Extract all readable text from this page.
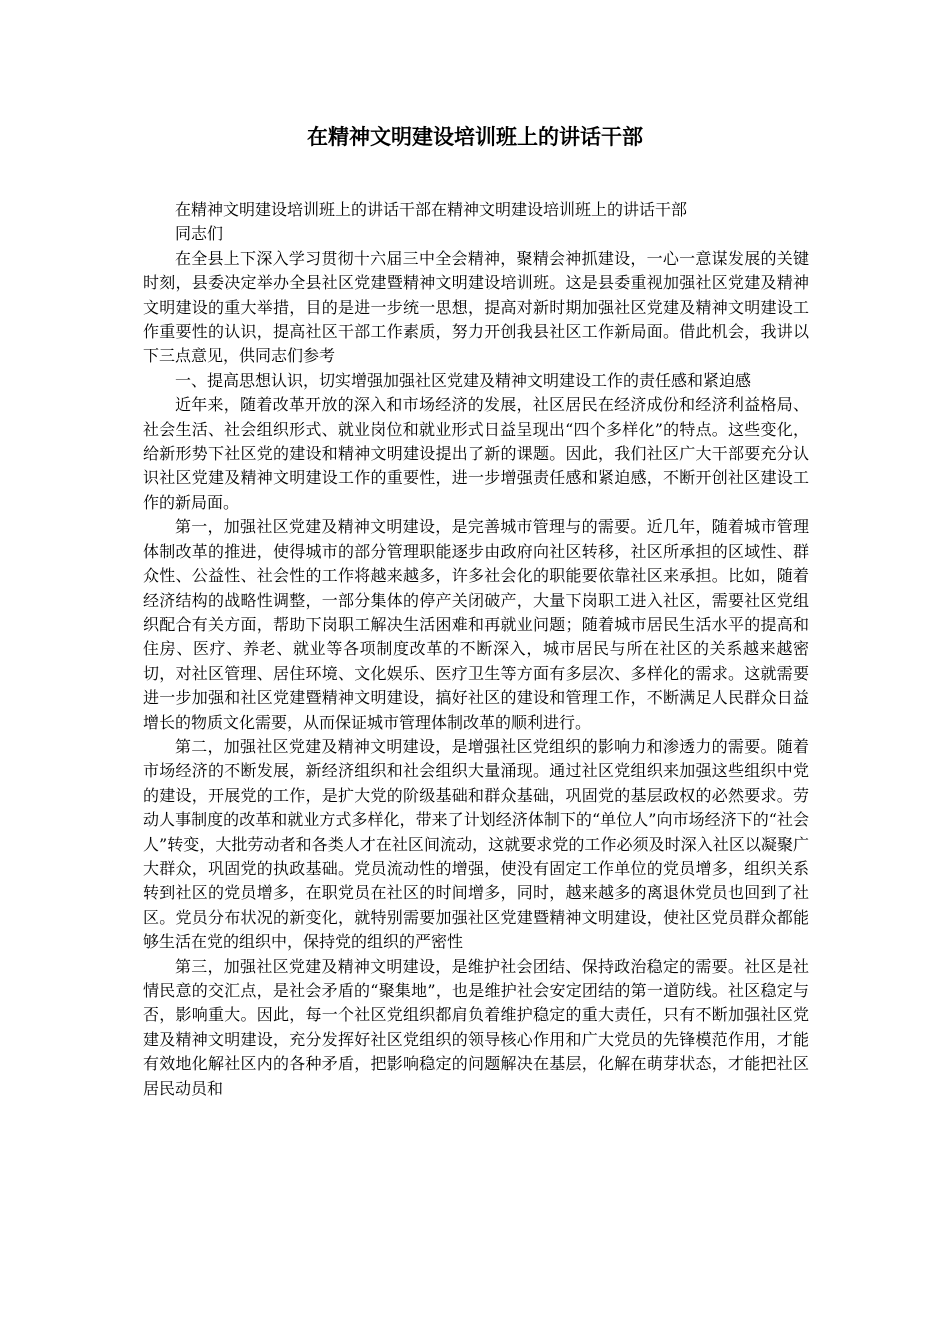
在精神文明建设培训班上的讲话干部

在精神文明建设培训班上的讲话干部在精神文明建设培训班上的讲话干部

同志们

在全县上下深入学习贯彻十六届三中全会精神，聚精会神抓建设，一心一意谋发展的关键时刻，县委决定举办全县社区党建暨精神文明建设培训班。这是县委重视加强社区党建及精神文明建设的重大举措，目的是进一步统一思想，提高对新时期加强社区党建及精神文明建设工作重要性的认识，提高社区干部工作素质，努力开创我县社区工作新局面。借此机会，我讲以下三点意见，供同志们参考

一、提高思想认识，切实增强加强社区党建及精神文明建设工作的责任感和紧迫感

近年来，随着改革开放的深入和市场经济的发展，社区居民在经济成份和经济利益格局、社会生活、社会组织形式、就业岗位和就业形式日益呈现出“四个多样化”的特点。这些变化，给新形势下社区党的建设和精神文明建设提出了新的课题。因此，我们社区广大干部要充分认识社区党建及精神文明建设工作的重要性，进一步增强责任感和紧迫感，不断开创社区建设工作的新局面。

第一，加强社区党建及精神文明建设，是完善城市管理与的需要。近几年，随着城市管理体制改革的推进，使得城市的部分管理职能逐步由政府向社区转移，社区所承担的区域性、群众性、公益性、社会性的工作将越来越多，许多社会化的职能要依靠社区来承担。比如，随着经济结构的战略性调整，一部分集体的停产关闭破产，大量下岗职工进入社区，需要社区党组织配合有关方面，帮助下岗职工解决生活困难和再就业问题；随着城市居民生活水平的提高和住房、医疗、养老、就业等各项制度改革的不断深入，城市居民与所在社区的关系越来越密切，对社区管理、居住环境、文化娱乐、医疗卫生等方面有多层次、多样化的需求。这就需要进一步加强和社区党建暨精神文明建设，搞好社区的建设和管理工作，不断满足人民群众日益增长的物质文化需要，从而保证城市管理体制改革的顺利进行。

第二，加强社区党建及精神文明建设，是增强社区党组织的影响力和渗透力的需要。随着市场经济的不断发展，新经济组织和社会组织大量涌现。通过社区党组织来加强这些组织中党的建设，开展党的工作，是扩大党的阶级基础和群众基础，巩固党的基层政权的必然要求。劳动人事制度的改革和就业方式多样化，带来了计划经济体制下的“单位人”向市场经济下的“社会人”转变，大批劳动者和各类人才在社区间流动，这就要求党的工作必须及时深入社区以凝聚广大群众，巩固党的执政基础。党员流动性的增强，使没有固定工作单位的党员增多，组织关系转到社区的党员增多，在职党员在社区的时间增多，同时，越来越多的离退休党员也回到了社区。党员分布状况的新变化，就特别需要加强社区党建暨精神文明建设，使社区党员群众都能够生活在党的组织中，保持党的组织的严密性

第三，加强社区党建及精神文明建设，是维护社会团结、保持政治稳定的需要。社区是社情民意的交汇点，是社会矛盾的“聚集地”，也是维护社会安定团结的第一道防线。社区稳定与否，影响重大。因此，每一个社区党组织都肩负着维护稳定的重大责任，只有不断加强社区党建及精神文明建设，充分发挥好社区党组织的领导核心作用和广大党员的先锋模范作用，才能有效地化解社区内的各种矛盾，把影响稳定的问题解决在基层，化解在萌芽状态，才能把社区居民动员和
